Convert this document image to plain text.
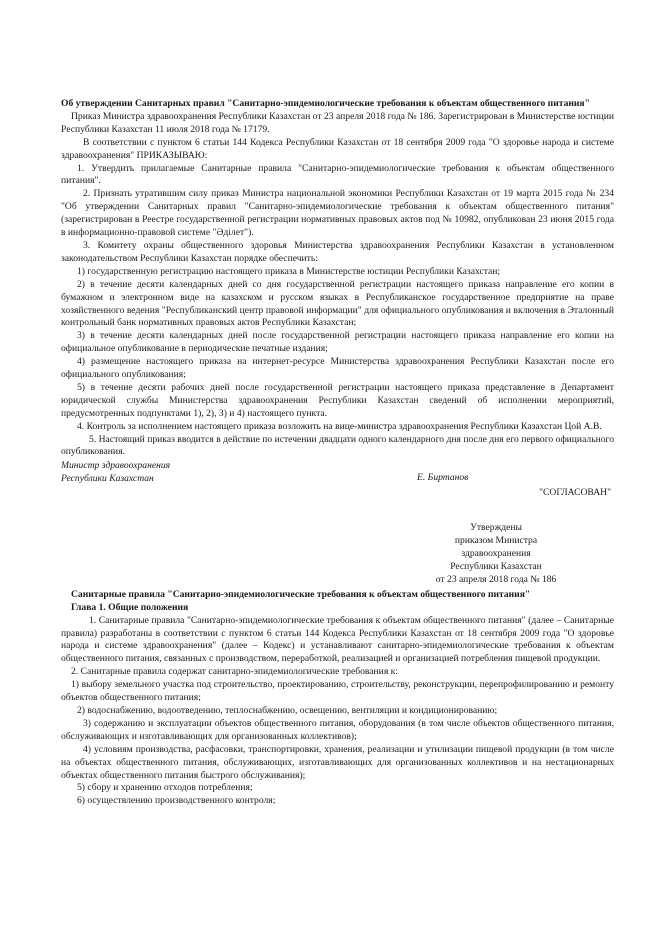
Об утверждении Санитарных правил "Санитарно-эпидемиологические требования к объектам общественного питания"

Приказ Министра здравоохранения Республики Казахстан от 23 апреля 2018 года № 186. Зарегистрирован в Министерстве юстиции Республики Казахстан 11 июля 2018 года № 17179.

В соответствии с пунктом 6 статьи 144 Кодекса Республики Казахстан от 18 сентября 2009 года "О здоровье народа и системе здравоохранения" ПРИКАЗЫВАЮ:

1. Утвердить прилагаемые Санитарные правила "Санитарно-эпидемиологические требования к объектам общественного питания".

2. Признать утратившим силу приказ Министра национальной экономики Республики Казахстан от 19 марта 2015 года № 234 "Об утверждении Санитарных правил "Санитарно-эпидемиологические требования к объектам общественного питания" (зарегистрирован в Реестре государственной регистрации нормативных правовых актов под № 10982, опубликован 23 июня 2015 года в информационно-правовой системе "Әділет").

3. Комитету охраны общественного здоровья Министерства здравоохранения Республики Казахстан в установленном законодательством Республики Казахстан порядке обеспечить:

1) государственную регистрацию настоящего приказа в Министерстве юстиции Республики Казахстан;

2) в течение десяти календарных дней со дня государственной регистрации настоящего приказа направление его копии в бумажном и электронном виде на казахском и русском языках в Республиканское государственное предприятие на праве хозяйственного ведения "Республиканский центр правовой информации" для официального опубликования и включения в Эталонный контрольный банк нормативных правовых актов Республики Казахстан;

3) в течение десяти календарных дней после государственной регистрации настоящего приказа направление его копии на официальное опубликование в периодические печатные издания;

4) размещение настоящего приказа на интернет-ресурсе Министерства здравоохранения Республики Казахстан после его официального опубликования;

5) в течение десяти рабочих дней после государственной регистрации настоящего приказа представление в Департамент юридической службы Министерства здравоохранения Республики Казахстан сведений об исполнении мероприятий, предусмотренных подпунктами 1), 2), 3) и 4) настоящего пункта.

4. Контроль за исполнением настоящего приказа возложить на вице-министра здравоохранения Республики Казахстан Цой А.В.

5. Настоящий приказ вводится в действие по истечении двадцати одного календарного дня после дня его первого официального опубликования.

Министр здравоохранения
Республики Казахстан	Е. Биртанов

"СОГЛАСОВАН"

Утверждены
приказом Министра
здравоохранения
Республики Казахстан
от 23 апреля 2018 года № 186

Санитарные правила "Санитарно-эпидемиологические требования к объектам общественного питания"

Глава 1. Общие положения

1. Санитарные правила "Санитарно-эпидемиологические требования к объектам общественного питания" (далее – Санитарные правила) разработаны в соответствии с пунктом 6 статьи 144 Кодекса Республики Казахстан от 18 сентября 2009 года "О здоровье народа и системе здравоохранения" (далее – Кодекс) и устанавливают санитарно-эпидемиологические требования к объектам общественного питания, связанных с производством, переработкой, реализацией и организацией потребления пищевой продукции.

2. Санитарные правила содержат санитарно-эпидемиологические требования к:

1) выбору земельного участка под строительство, проектированию, строительству, реконструкции, перепрофилированию и ремонту объектов общественного питания;

2) водоснабжению, водоотведению, теплоснабжению, освещению, вентиляции и кондиционированию;

3) содержанию и эксплуатации объектов общественного питания, оборудования (в том числе объектов общественного питания, обслуживающих и изготавливающих для организованных коллективов);

4) условиям производства, расфасовки, транспортировки, хранения, реализации и утилизации пищевой продукции (в том числе на объектах общественного питания, обслуживающих, изготавливающих для организованных коллективов и на нестационарных объектах общественного питания быстрого обслуживания);

5) сбору и хранению отходов потребления;

6) осуществлению производственного контроля;
